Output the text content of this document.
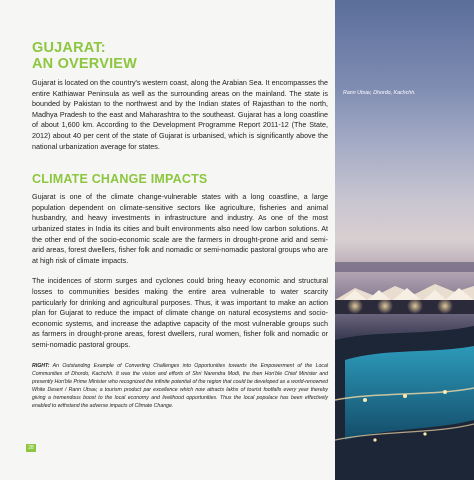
GUJARAT:
AN OVERVIEW

Gujarat is located on the country's western coast, along the Arabian Sea. It encompasses the entire Kathiawar Peninsula as well as the surrounding areas on the mainland. The state is bounded by Pakistan to the northwest and by the Indian states of Rajasthan to the north, Madhya Pradesh to the east and Maharashtra to the southeast. Gujarat has a long coastline of about 1,600 km. According to the Development Programme Report 2011-12 (The State, 2012) about 40 per cent of the state of Gujarat is urbanised, which is significantly above the national urbanization average for states.

CLIMATE CHANGE IMPACTS

Gujarat is one of the climate change-vulnerable states with a long coastline, a large population dependent on climate-sensitive sectors like agriculture, fisheries and animal husbandry, and heavy investments in infrastructure and industry. As one of the most urbanized states in India its cities and built environments also need low carbon solutions. At the other end of the socio-economic scale are the farmers in drought-prone arid and semi-arid areas, forest dwellers, fisher folk and nomadic or semi-nomadic pastoral groups who are at high risk of climate impacts.

The incidences of storm surges and cyclones could bring heavy economic and structural losses to communities besides making the entire area vulnerable to water scarcity particularly for drinking and agricultural purposes. Thus, it was important to make an action plan for Gujarat to reduce the impact of climate change on natural ecosystems and socio-economic systems, and increase the adaptive capacity of the most vulnerable groups such as farmers in drought-prone areas, forest dwellers, rural women, fisher folk and nomadic or semi-nomadic pastoral groups.

RIGHT: An Outstanding Example of Converting Challenges into Opportunities towards the Empowerment of the Local Communities of Dhordo, Kachchh. It was the vision and efforts of Shri Narendra Modi, the then Hon'ble Chief Minister and presently Hon'ble Prime Minister who recognized the infinite potential of the region that could be developed as a world-renowned White Desert / Rann Utsav, a tourism product par excellence which now attracts lakhs of tourist footfalls every year thereby giving a tremendous boost to the local economy and livelihood opportunities. Thus the local populace has been effectively enabled to withstand the adverse impacts of Climate Change.

28
Rann Utsav, Dhordo, Kachchh.
